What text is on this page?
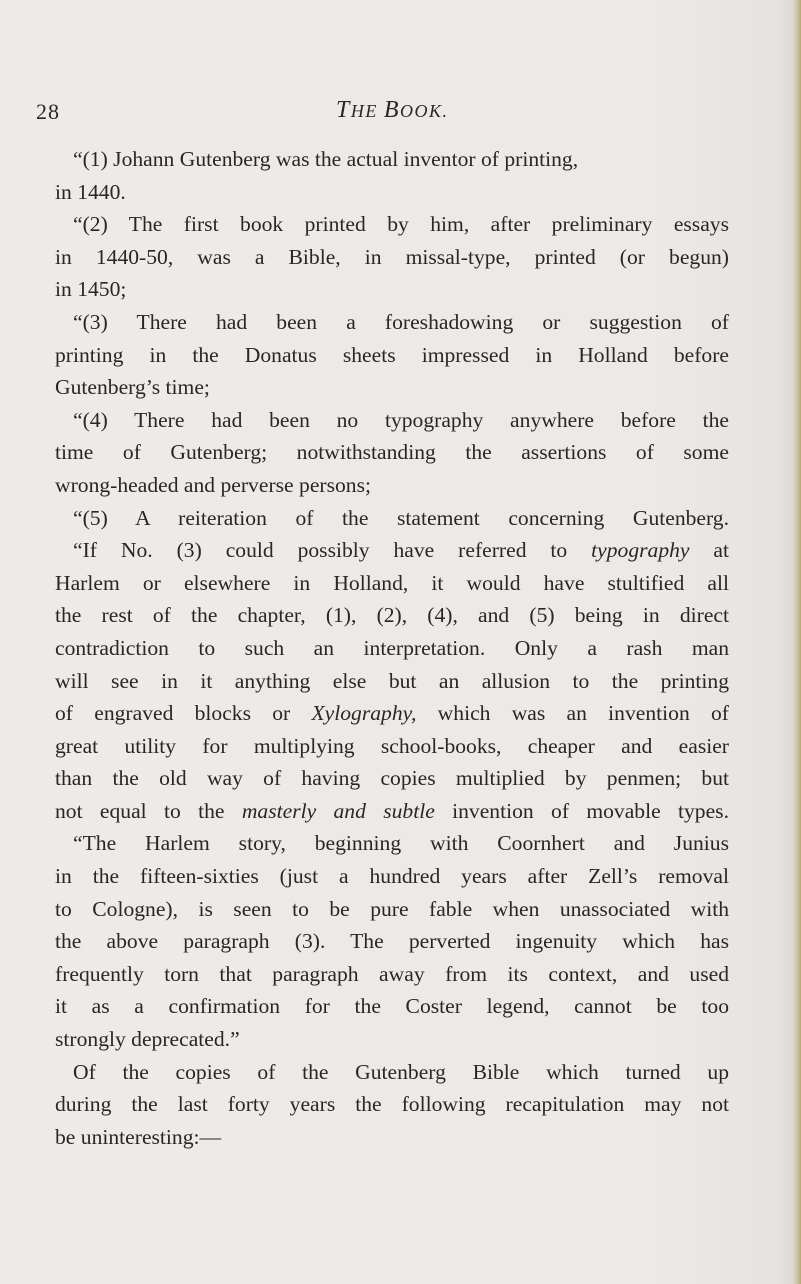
28	THE BOOK.
“(1) Johann Gutenberg was the actual inventor of printing,
in 1440.
“(2) The first book printed by him, after preliminary essays
in 1440-50, was a Bible, in missal-type, printed (or begun)
in 1450;
“(3) There had been a foreshadowing or suggestion of
printing in the Donatus sheets impressed in Holland before
Gutenberg’s time;
“(4) There had been no typography anywhere before the
time of Gutenberg; notwithstanding the assertions of some
wrong-headed and perverse persons;
“(5) A reiteration of the statement concerning Gutenberg.
“If No. (3) could possibly have referred to typography at
Harlem or elsewhere in Holland, it would have stultified all
the rest of the chapter, (1), (2), (4), and (5) being in direct
contradiction to such an interpretation. Only a rash man
will see in it anything else but an allusion to the printing
of engraved blocks or Xylography, which was an invention of
great utility for multiplying school-books, cheaper and easier
than the old way of having copies multiplied by penmen; but
not equal to the masterly and subtle invention of movable types.
“The Harlem story, beginning with Coornhert and Junius
in the fifteen-sixties (just a hundred years after Zell’s removal
to Cologne), is seen to be pure fable when unassociated with
the above paragraph (3). The perverted ingenuity which has
frequently torn that paragraph away from its context, and used
it as a confirmation for the Coster legend, cannot be too
strongly deprecated.”
Of the copies of the Gutenberg Bible which turned up
during the last forty years the following recapitulation may not
be uninteresting:—
